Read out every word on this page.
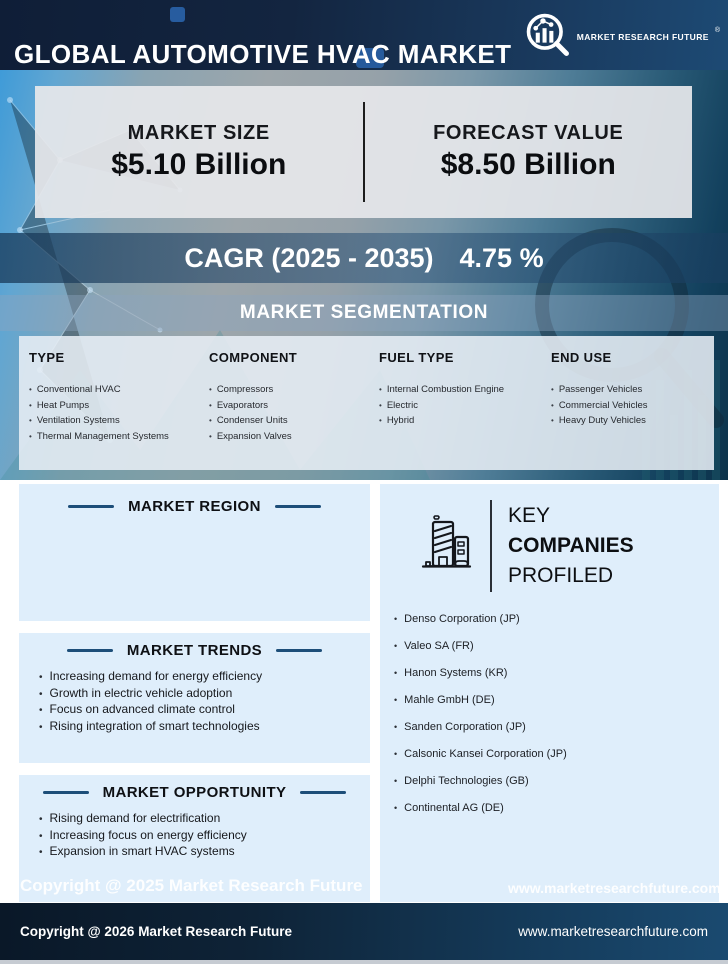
GLOBAL AUTOMOTIVE HVAC MARKET
MARKET RESEARCH FUTURE
®
MARKET SIZE
$5.10 Billion
FORECAST VALUE
$8.50 Billion
CAGR (2025 - 2035) 4.75 %
MARKET SEGMENTATION
TYPE
• Conventional HVAC
• Heat Pumps
• Ventilation Systems
• Thermal Management Systems
COMPONENT
• Compressors
• Evaporators
• Condenser Units
• Expansion Valves
FUEL TYPE
• Internal Combustion Engine
• Electric
• Hybrid
END USE
• Passenger Vehicles
• Commercial Vehicles
• Heavy Duty Vehicles
MARKET REGION
MARKET TRENDS
• Increasing demand for energy efficiency
• Growth in electric vehicle adoption
• Focus on advanced climate control
• Rising integration of smart technologies
MARKET OPPORTUNITY
• Rising demand for electrification
• Increasing focus on energy efficiency
• Expansion in smart HVAC systems
KEY
COMPANIES
PROFILED
• Denso Corporation (JP)
• Valeo SA (FR)
• Hanon Systems (KR)
• Mahle GmbH (DE)
• Sanden Corporation (JP)
• Calsonic Kansei Corporation (JP)
• Delphi Technologies (GB)
• Continental AG (DE)
Copyright @ 2025 Market Research Future	www.marketresearchfuture.com
Copyright @ 2026 Market Research Future	www.marketresearchfuture.com
